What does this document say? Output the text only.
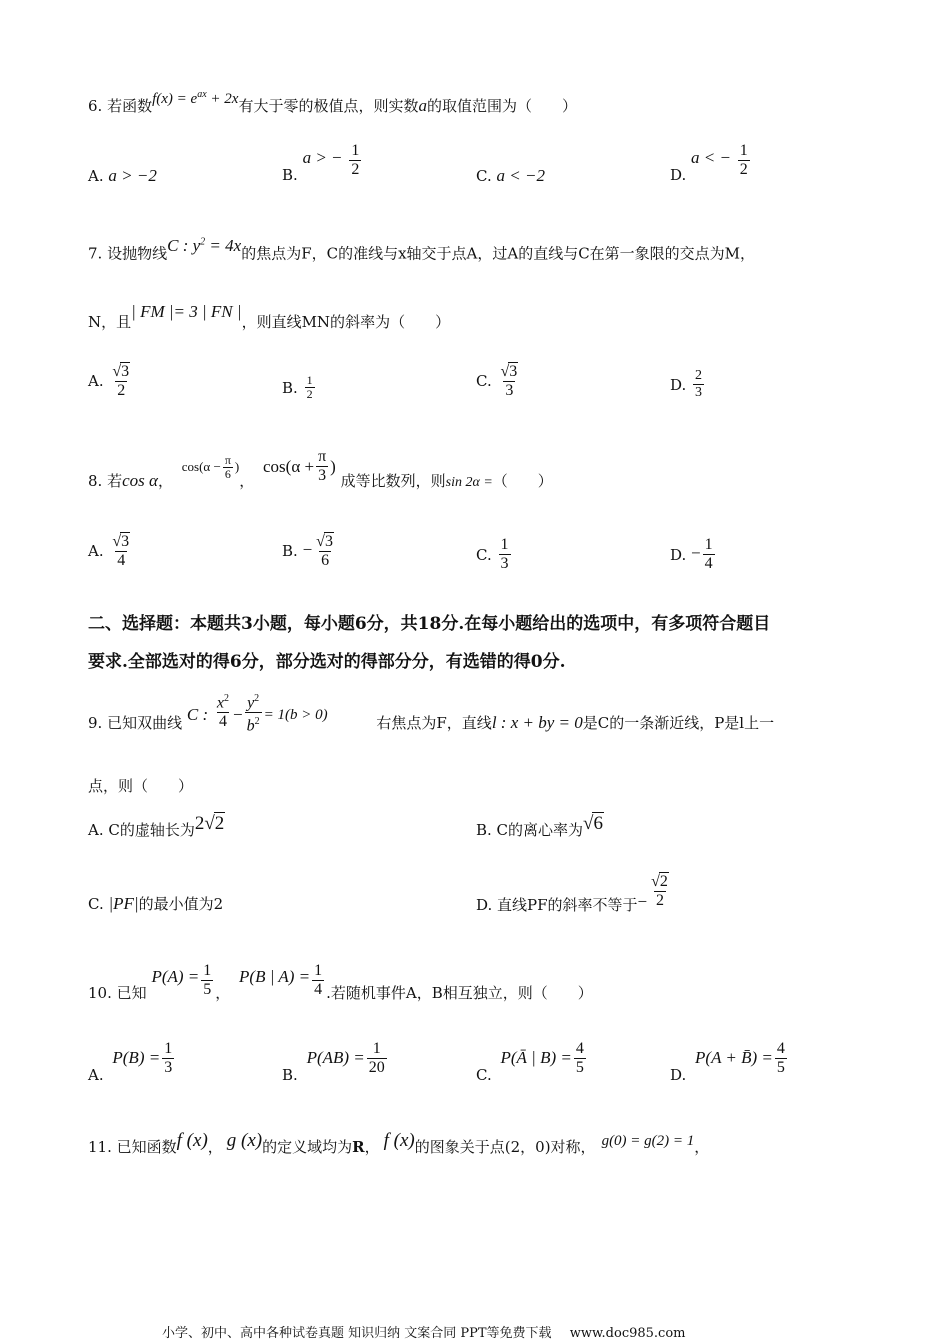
6. 若函数$f(x) = e^{ax} + 2x$有大于零的极值点，则实数a的取值范围为（　　）
A. a > −2	B. a > − $\frac{1}{2}$	C. a < −2	D. a < − $\frac{1}{2}$
7. 设抛物线C : $y^2 = 4x$的焦点为F，C的准线与x轴交于点A，过A的直线与C在第一象限的交点为M，
N，且| FM |= 3 | FN |，则直线MN的斜率为（　　）
A. $\frac{√3}{2}$	B. $\frac{1}{2}$	C. $\frac{√3}{3}$	D. $\frac{2}{3}$
8. 若cos α， $\cos(\alpha - \frac{\pi}{6}$ )， $\cos(\alpha + \frac{\pi}{3}$ ) 成等比数列，则sin 2α =（　　）
A. $\frac{√3}{4}$	B. − $\frac{√3}{6}$	C. $\frac{1}{3}$	D. − $\frac{1}{4}$
二、选择题：本题共3小题，每小题6分，共18分.在每小题给出的选项中，有多项符合题目
要求.全部选对的得6分，部分选对的得部分分，有选错的得0分.
9. 已知双曲线 C : $\frac{x^2}{4} - \frac{y^2}{b^2} = 1(b > 0)$	右焦点为F，直线l : x + by = 0是C的一条渐近线，P是l上一
点，则（　　）
A. C的虚轴长为2√2	B. C的离心率为√6
C. |PF|的最小值为2	D. 直线PF的斜率不等于− $\frac{√2}{2}$
10. 已知 $P(A) = \frac{1}{5}$ ， P(B | $A) = \frac{1}{4}$ .若随机事件A，B相互独立，则（　　）
A. $P(B) = \frac{1}{3}$	B. $P(AB) = \frac{1}{20}$	C. P(Ā | $B) = \frac{4}{5}$	D. P(A + B̄) = $\frac{4}{5}$
11. 已知函数f (x)， g (x)的定义域均为R， f (x)的图象关于点(2，0)对称， g(0) = g(2) = 1，
小学、初中、高中各种试卷真题 知识归纳 文案合同 PPT等免费下载 www.doc985.com
